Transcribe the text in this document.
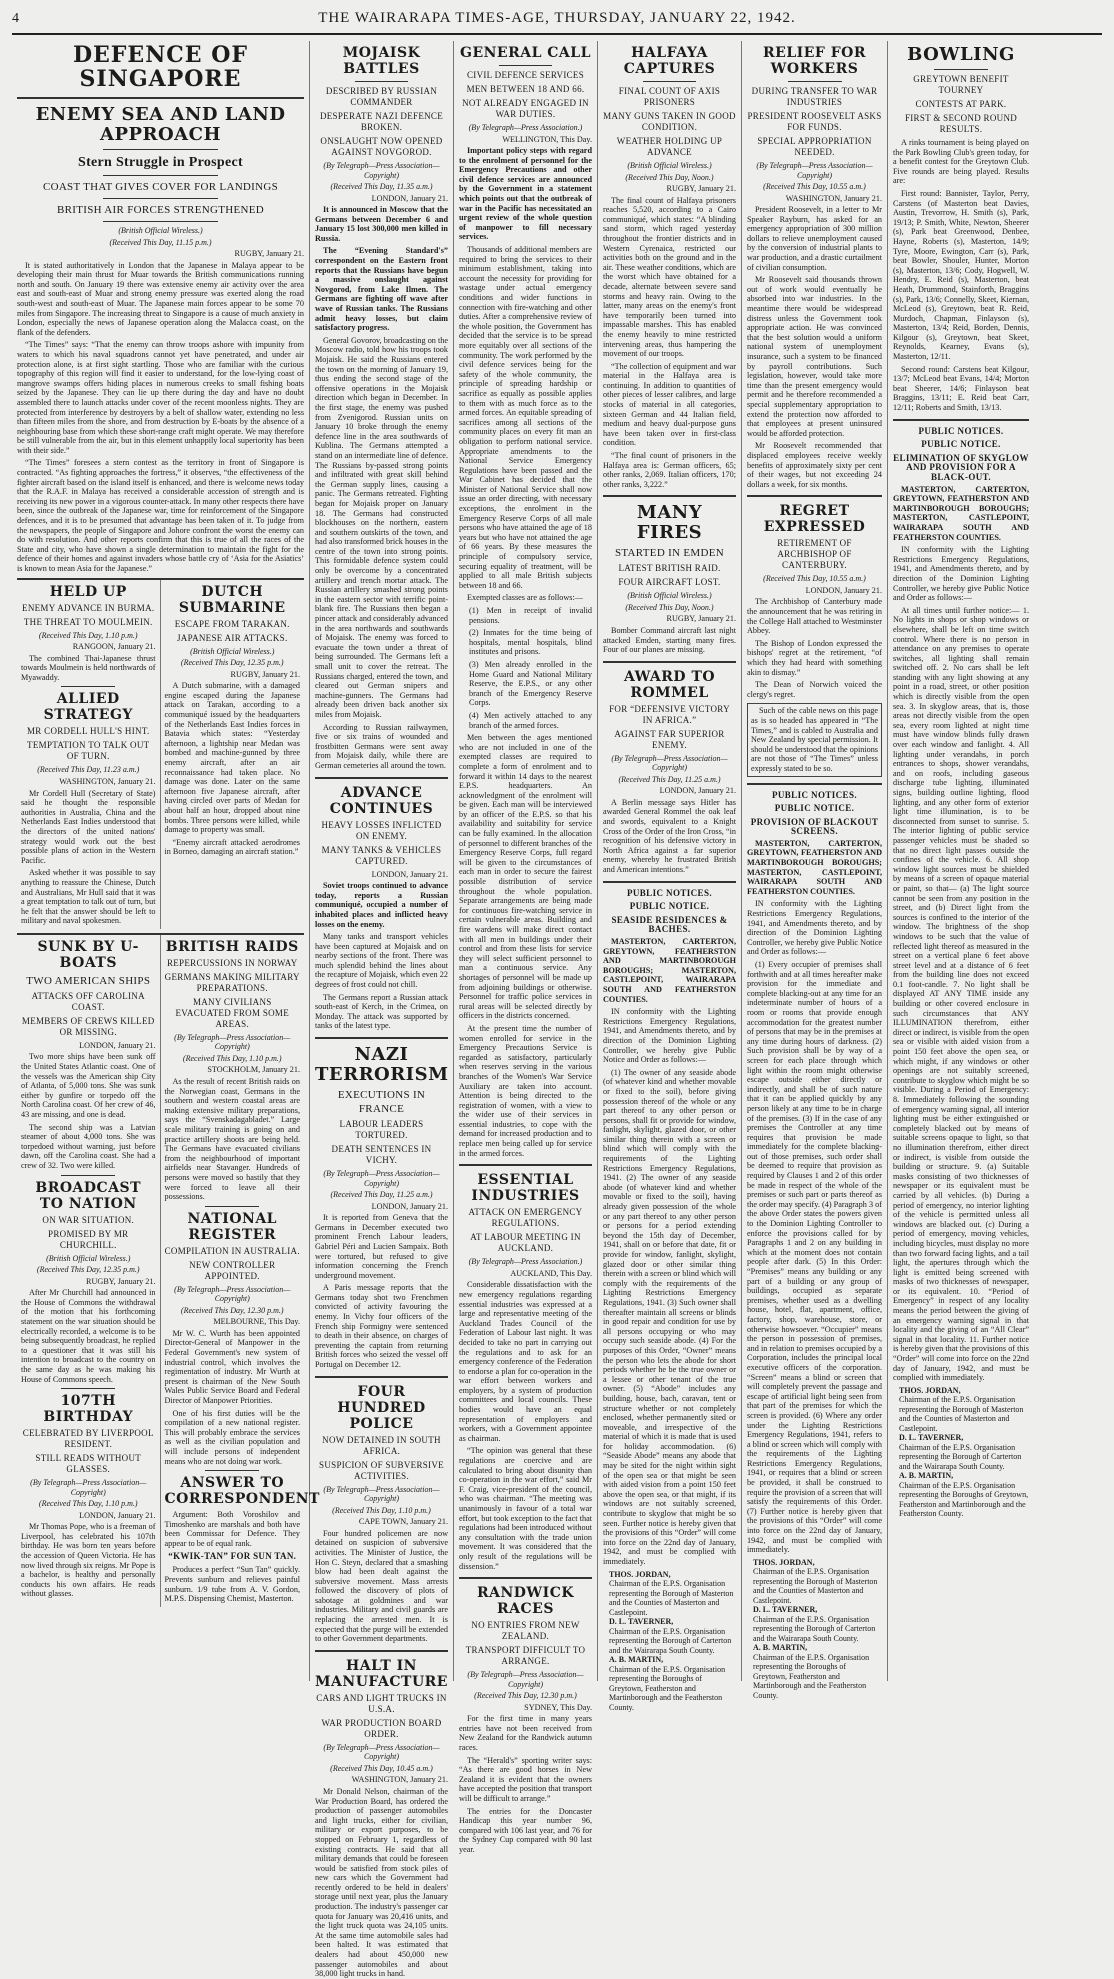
4	THE WAIRARAPA TIMES-AGE, THURSDAY, JANUARY 22, 1942.
DEFENCE OF SINGAPORE
ENEMY SEA AND LAND APPROACH
Stern Struggle in Prospect
COAST THAT GIVES COVER FOR LANDINGS
BRITISH AIR FORCES STRENGTHENED
(British Official Wireless.)
(Received This Day, 11.15 p.m.)
RUGBY, January 21.

It is stated authoritatively in London that the Japanese in Malaya appear to be developing their main thrust for Muar towards the British communications running north and south. On January 19 there was extensive enemy air activity over the area east and south-east of Muar and strong enemy pressure was exerted along the road south-west and south-east of Muar. The Japanese main forces appear to be some 70 miles from Singapore. The increasing threat to Singapore is a cause of much anxiety in London, especially the news of Japanese operation along the Malacca coast, on the flank of the defenders.

“The Times” says: “That the enemy can throw troops ashore with impunity from waters to which his naval squadrons cannot yet have penetrated, and under air protection alone, is at first sight startling. Those who are familiar with the curious topography of this region will find it easier to understand, for the low-lying coast of mangrove swamps offers hiding places in numerous creeks to small fishing boats seized by the Japanese. They can lie up there during the day and have no doubt assembled there to launch attacks under cover of the recent moonless nights. They are protected from interference by destroyers by a belt of shallow water, extending no less than fifteen miles from the shore, and from destruction by E-boats by the absence of a neighbouring base from which these short-range craft might operate. We may therefore be still vulnerable from the air, but in this element unhappily local superiority has been with their side.”

“The Times” foresees a stern contest as the territory in front of Singapore is contracted. “As fighting approaches the fortress,” it observes, “the effectiveness of the fighter aircraft based on the island itself is enhanced, and there is welcome news today that the R.A.F. in Malaya has received a considerable accession of strength and is receiving its new power in a vigorous counter-attack. In many other respects there have been, since the outbreak of the Japanese war, time for reinforcement of the Singapore defences, and it is to be presumed that advantage has been taken of it. To judge from the newspapers, the people of Singapore and Johore confront the worst the enemy can do with resolution. And other reports confirm that this is true of all the races of the State and city, who have shown a single determination to maintain the fight for the defence of their homes and against invaders whose battle cry of ‘Asia for the Asiatics’ is known to mean Asia for the Japanese.”

HELD UP
ENEMY ADVANCE IN BURMA.
THE THREAT TO MOULMEIN.
(Received This Day, 1.10 p.m.)
RANGOON, January 21.

The combined Thai-Japanese thrust towards Moulmein is held northwards of Myawaddy.

ALLIED STRATEGY
MR CORDELL HULL'S HINT.
TEMPTATION TO TALK OUT OF TURN.
(Received This Day, 11.23 a.m.)
WASHINGTON, January 21.

Mr Cordell Hull (Secretary of State) said he thought the responsible authorities in Australia, China and the Netherlands East Indies understood that the directors of the united nations' strategy would work out the best possible plans of action in the Western Pacific.

Asked whether it was possible to say anything to reassure the Chinese, Dutch and Australians, Mr Hull said that it was a great temptation to talk out of turn, but he felt that the answer should be left to military and naval spokesmen.

DUTCH SUBMARINE
ESCAPE FROM TARAKAN.
JAPANESE AIR ATTACKS.
(British Official Wireless.)
(Received This Day, 12.35 p.m.)
RUGBY, January 21.

A Dutch submarine, with a damaged engine escaped during the Japanese attack on Tarakan, according to a communiqué issued by the headquarters of the Netherlands East Indies forces in Batavia which states: “Yesterday afternoon, a lightship near Medan was bombed and machine-gunned by three enemy aircraft, after an air reconnaissance had taken place. No damage was done. Later on the same afternoon five Japanese aircraft, after having circled over parts of Medan for about half an hour, dropped about nine bombs. Three persons were killed, while damage to property was small.

“Enemy aircraft attacked aerodromes in Borneo, damaging an aircraft station.”

SUNK BY U-BOATS
TWO AMERICAN SHIPS
ATTACKS OFF CAROLINA COAST.
MEMBERS OF CREWS KILLED OR MISSING.
LONDON, January 21.

Two more ships have been sunk off the United States Atlantic coast. One of the vessels was the American ship City of Atlanta, of 5,000 tons. She was sunk either by gunfire or torpedo off the North Carolina coast. Of her crew of 46, 43 are missing, and one is dead.

The second ship was a Latvian steamer of about 4,000 tons. She was torpedoed without warning, just before dawn, off the Carolina coast. She had a crew of 32. Two were killed.

BROADCAST TO NATION
ON WAR SITUATION.
PROMISED BY MR CHURCHILL.
(British Official Wireless.)
(Received This Day, 12.35 p.m.)
RUGBY, January 21.

After Mr Churchill had announced in the House of Commons the withdrawal of the motion that his forthcoming statement on the war situation should be electrically recorded, a welcome is to be being subsequently broadcast, he replied to a questioner that it was still his intention to broadcast to the country on the same day as he was making his House of Commons speech.

107TH BIRTHDAY
CELEBRATED BY LIVERPOOL RESIDENT.
STILL READS WITHOUT GLASSES.
(By Telegraph—Press Association—Copyright)
(Received This Day, 1.10 p.m.)
LONDON, January 21.

Mr Thomas Pope, who is a freeman of Liverpool, has celebrated his 107th birthday. He was born ten years before the accession of Queen Victoria. He has now lived through six reigns. Mr Pope is a bachelor, is healthy and personally conducts his own affairs. He reads without glasses.

BRITISH RAIDS
REPERCUSSIONS IN NORWAY
GERMANS MAKING MILITARY PREPARATIONS.
MANY CIVILIANS EVACUATED FROM SOME AREAS.
(By Telegraph—Press Association—Copyright)
(Received This Day, 1.10 p.m.)
STOCKHOLM, January 21.

As the result of recent British raids on the Norwegian coast, Germans in the southern and western coastal areas are making extensive military preparations, says the “Svenskadagabladet.” Large scale military training is going on and practice artillery shoots are being held. The Germans have evacuated civilians from the neighbourhood of important airfields near Stavanger. Hundreds of persons were moved so hastily that they were forced to leave all their possessions.

NATIONAL REGISTER
COMPILATION IN AUSTRALIA.
NEW CONTROLLER APPOINTED.
(By Telegraph—Press Association—Copyright)
(Received This Day, 12.30 p.m.)
MELBOURNE, This Day.

Mr W. C. Wurth has been appointed Director-General of Manpower in the Federal Government's new system of industrial control, which involves the regimentation of industry. Mr Wurth at present is chairman of the New South Wales Public Service Board and Federal Director of Manpower Priorities.

One of his first duties will be the compilation of a new national register. This will probably embrace the services as well as the civilian population and will include persons of independent means who are not doing war work.

ANSWER TO CORRESPONDENT

Argument: Both Voroshilov and Timoshenko are marshals and both have been Commissar for Defence. They appear to be of equal rank.

“KWIK-TAN” FOR SUN TAN.

Produces a perfect “Sun Tan” quickly. Prevents sunburn and relieves painful sunburn. 1/9 tube from A. V. Gordon, M.P.S. Dispensing Chemist, Masterton.

MOJAISK BATTLES
DESCRIBED BY RUSSIAN COMMANDER
DESPERATE NAZI DEFENCE BROKEN.
ONSLAUGHT NOW OPENED AGAINST NOVGOROD.
(By Telegraph—Press Association—Copyright)
(Received This Day, 11.35 a.m.)
LONDON, January 21.

It is announced in Moscow that the Germans between December 6 and January 15 lost 300,000 men killed in Russia.

The “Evening Standard's” correspondent on the Eastern front reports that the Russians have begun a massive onslaught against Novgorod, from Lake Ilmen. The Germans are fighting off wave after wave of Russian tanks. The Russians admit heavy losses, but claim satisfactory progress.

General Govorov, broadcasting on the Moscow radio, told how his troops took Mojaisk. He said the Russians entered the town on the morning of January 19, thus ending the second stage of the offensive operations in the Mojaisk direction which began in December. In the first stage, the enemy was pushed from Zvenigorod. Russian units on January 10 broke through the enemy defence line in the area southwards of Kublina. The Germans attempted a stand on an intermediate line of defence. The Russians by-passed strong points and infiltrated with great skill behind the German supply lines, causing a panic. The Germans retreated. Fighting began for Mojaisk proper on January 18. The Germans had constructed blockhouses on the northern, eastern and southern outskirts of the town, and had also transformed brick houses in the centre of the town into strong points. This formidable defence system could only be overcome by a concentrated artillery and trench mortar attack. The Russian artillery smashed strong points in the eastern sector with terrific point-blank fire. The Russians then began a pincer attack and considerably advanced in the area northwards and southwards of Mojaisk. The enemy was forced to evacuate the town under a threat of being surrounded. The Germans left a small unit to cover the retreat. The Russians charged, entered the town, and cleared out German snipers and machine-gunners. The Germans had already been driven back another six miles from Mojaisk.

According to Russian railwaymen, five or six trains of wounded and frostbitten Germans were sent away from Mojaisk daily, while there are German cemeteries all around the town.

ADVANCE CONTINUES
HEAVY LOSSES INFLICTED ON ENEMY.
MANY TANKS & VEHICLES CAPTURED.
LONDON, January 21.

Soviet troops continued to advance today, reports a Russian communiqué, occupied a number of inhabited places and inflicted heavy losses on the enemy.

Many tanks and transport vehicles have been captured at Mojaisk and on nearby sections of the front. There was much splendid behind the lines about the recapture of Mojaisk, which even 22 degrees of frost could not chill.

The Germans report a Russian attack south-east of Kerch, in the Crimea, on Monday. The attack was supported by tanks of the latest type.

NAZI TERRORISM
EXECUTIONS IN FRANCE
LABOUR LEADERS TORTURED.
DEATH SENTENCES IN VICHY.
(By Telegraph—Press Association—Copyright)
(Received This Day, 11.25 a.m.)
LONDON, January 21.

It is reported from Geneva that the Germans in December executed two prominent French Labour leaders, Gabriel Péri and Lucien Sampaix. Both were tortured, but refused to give information concerning the French underground movement.

A Paris message reports that the Germans today shot two Frenchmen convicted of activity favouring the enemy. In Vichy four officers of the French ship Formigny were sentenced to death in their absence, on charges of preventing the captain from returning British forces who seized the vessel off Portugal on December 12.

FOUR HUNDRED POLICE
NOW DETAINED IN SOUTH AFRICA.
SUSPICION OF SUBVERSIVE ACTIVITIES.
(By Telegraph—Press Association—Copyright)
(Received This Day, 1.10 p.m.)
CAPE TOWN, January 21.

Four hundred policemen are now detained on suspicion of subversive activities. The Minister of Justice, the Hon C. Steyn, declared that a smashing blow had been dealt against the subversive movement. Mass arrests followed the discovery of plots of sabotage at goldmines and war industries. Military and civil guards are replacing the arrested men. It is expected that the purge will be extended to other Government departments.

HALT IN MANUFACTURE
CARS AND LIGHT TRUCKS IN U.S.A.
WAR PRODUCTION BOARD ORDER.
(By Telegraph—Press Association—Copyright)
(Received This Day, 10.45 a.m.)
WASHINGTON, January 21.

Mr Donald Nelson, chairman of the War Production Board, has ordered the production of passenger automobiles and light trucks, either for civilian, military or export purposes, to be stopped on February 1, regardless of existing contracts. He said that all military demands that could be foreseen would be satisfied from stock piles of new cars which the Government had recently ordered to be held in dealers' storage until next year, plus the January production. The industry's passenger car quota for January was 20,416 units, and the light truck quota was 24,105 units. At the same time automobile sales had been halted. It was estimated that dealers had about 450,000 new passenger automobiles and about 38,000 light trucks in hand.

GENERAL CALL
CIVIL DEFENCE SERVICES
MEN BETWEEN 18 AND 66.
NOT ALREADY ENGAGED IN WAR DUTIES.
(By Telegraph—Press Association.)
WELLINGTON, This Day.

Important policy steps with regard to the enrolment of personnel for the Emergency Precautions and other civil defence services are announced by the Government in a statement which points out that the outbreak of war in the Pacific has necessitated an urgent review of the whole question of manpower to fill necessary services.

Thousands of additional members are required to bring the services to their minimum establishment, taking into account the necessity for providing for wastage under actual emergency conditions and wider functions in connection with fire-watching and other duties. After a comprehensive review of the whole position, the Government has decided that the service is to be spread more equitably over all sections of the community. The work performed by the civil defence services being for the safety of the whole community, the principle of spreading hardship or sacrifice as equally as possible applies to them with as much force as to the armed forces. An equitable spreading of sacrifices among all sections of the community places on every fit man an obligation to perform national service. Appropriate amendments to the National Service Emergency Regulations have been passed and the War Cabinet has decided that the Minister of National Service shall now issue an order directing, with necessary exceptions, the enrolment in the Emergency Reserve Corps of all male persons who have attained the age of 18 years but who have not attained the age of 66 years. By these measures the principle of compulsory service, securing equality of treatment, will be applied to all male British subjects between 18 and 66.

Exempted classes are as follows:—

(1) Men in receipt of invalid pensions.

(2) Inmates for the time being of hospitals, mental hospitals, blind institutes and prisons.

(3) Men already enrolled in the Home Guard and National Military Reserve, the E.P.S., or any other branch of the Emergency Reserve Corps.

(4) Men actively attached to any branch of the armed forces.

Men between the ages mentioned who are not included in one of the exempted classes are required to complete a form of enrolment and to forward it within 14 days to the nearest E.P.S. headquarters. An acknowledgment of the enrolment will be given. Each man will be interviewed by an officer of the E.P.S. so that his availability and suitability for service can be fully examined. In the allocation of personnel to different branches of the Emergency Reserve Corps, full regard will be given to the circumstances of each man in order to secure the fairest possible distribution of service throughout the whole population. Separate arrangements are being made for continuous fire-watching service in certain vulnerable areas. Building and fire wardens will make direct contact with all men in buildings under their control and from these lists for service they will select sufficient personnel to man a continuous service. Any shortages of personnel will be made up from adjoining buildings or otherwise. Personnel for traffic police services in rural areas will be selected directly by officers in the districts concerned.

At the present time the number of women enrolled for service in the Emergency Precautions Service is regarded as satisfactory, particularly when reserves serving in the various branches of the Women's War Service Auxiliary are taken into account. Attention is being directed to the registration of women, with a view to the wider use of their services in essential industries, to cope with the demand for increased production and to replace men being called up for service in the armed forces.

ESSENTIAL INDUSTRIES
ATTACK ON EMERGENCY REGULATIONS.
AT LABOUR MEETING IN AUCKLAND.
(By Telegraph—Press Association.)
AUCKLAND, This Day.

Considerable dissatisfaction with the new emergency regulations regarding essential industries was expressed at a large and representative meeting of the Auckland Trades Council of the Federation of Labour last night. It was decided to take no part in carrying out the regulations and to ask for an emergency conference of the Federation to endorse a plan for co-operation in the war effort between workers and employers, by a system of production committees and local councils. These bodies would have an equal representation of employers and workers, with a Government appointee as chairman.

“The opinion was general that these regulations are coercive and are calculated to bring about disunity than co-operation in the war effort,” said Mr F. Craig, vice-president of the council, who was chairman. “The meeting was unanimously in favour of a total war effort, but took exception to the fact that regulations had been introduced without any consultation with the trade union movement. It was considered that the only result of the regulations will be dissension.”

RANDWICK RACES
NO ENTRIES FROM NEW ZEALAND.
TRANSPORT DIFFICULT TO ARRANGE.
(By Telegraph—Press Association—Copyright)
(Received This Day, 12.30 p.m.)
SYDNEY, This Day.

For the first time in many years entries have not been received from New Zealand for the Randwick autumn races.

The “Herald's” sporting writer says: “As there are good horses in New Zealand it is evident that the owners have accepted the position that transport will be difficult to arrange.”

The entries for the Doncaster Handicap this year number 96, compared with 106 last year, and 76 for the Sydney Cup compared with 90 last year.

HALFAYA CAPTURES
FINAL COUNT OF AXIS PRISONERS
MANY GUNS TAKEN IN GOOD CONDITION.
WEATHER HOLDING UP ADVANCE
(British Official Wireless.)
(Received This Day, Noon.)
RUGBY, January 21.

The final count of Halfaya prisoners reaches 5,520, according to a Cairo communiqué, which states: “A blinding sand storm, which raged yesterday throughout the frontier districts and in Western Cyrenaica, restricted our activities both on the ground and in the air. These weather conditions, which are the worst which have obtained for a decade, alternate between severe sand storms and heavy rain. Owing to the latter, many areas on the enemy's front have temporarily been turned into impassable marshes. This has enabled the enemy heavily to mine restricted intervening areas, thus hampering the movement of our troops.

“The collection of equipment and war material in the Halfaya area is continuing. In addition to quantities of other pieces of lesser calibres, and large stocks of material in all categories, sixteen German and 44 Italian field, medium and heavy dual-purpose guns have been taken over in first-class condition.

“The final count of prisoners in the Halfaya area is: German officers, 65; other ranks, 2,069. Italian officers, 170; other ranks, 3,222.”

MANY FIRES
STARTED IN EMDEN
LATEST BRITISH RAID.
FOUR AIRCRAFT LOST.
(British Official Wireless.)
(Received This Day, Noon.)
RUGBY, January 21.

Bomber Command aircraft last night attacked Emden, starting many fires. Four of our planes are missing.

AWARD TO ROMMEL
FOR “DEFENSIVE VICTORY IN AFRICA.”
AGAINST FAR SUPERIOR ENEMY.
(By Telegraph—Press Association—Copyright)
(Received This Day, 11.25 a.m.)
LONDON, January 21.

A Berlin message says Hitler has awarded General Rommel the oak leaf and swords, equivalent to a Knight Cross of the Order of the Iron Cross, “in recognition of his defensive victory in North Africa against a far superior enemy, whereby he frustrated British and American intentions.”

PUBLIC NOTICES.
PUBLIC NOTICE.
SEASIDE RESIDENCES & BACHES.

MASTERTON, CARTERTON, GREYTOWN, FEATHERSTON AND MARTINBOROUGH BOROUGHS; MASTERTON, CASTLEPOINT, WAIRARAPA SOUTH AND FEATHERSTON COUNTIES.

IN conformity with the Lighting Restrictions Emergency Regulations, 1941, and Amendments thereto, and by direction of the Dominion Lighting Controller, we hereby give Public Notice and Order as follows:—

(1) The owner of any seaside abode (of whatever kind and whether movable or fixed to the soil), before giving possession thereof of the whole or any part thereof to any other person or persons, shall fit or provide for window, fanlight, skylight, glazed door, or other similar thing therein with a screen or blind which will comply with the requirements of the Lighting Restrictions Emergency Regulations, 1941. (2) The owner of any seaside abode (of whatever kind and whether movable or fixed to the soil), having already given possession of the whole or any part thereof to any other person or persons for a period extending beyond the 15th day of December, 1941, shall on or before that date, fit or provide for window, fanlight, skylight, glazed door or other similar thing therein with a screen or blind which will comply with the requirements of the Lighting Restrictions Emergency Regulations, 1941. (3) Such owner shall thereafter maintain all screens or blinds in good repair and condition for use by all persons occupying or who may occupy such seaside abode. (4) For the purposes of this Order, “Owner” means the person who lets the abode for short periods whether he be the true owner or a lessee or other tenant of the true owner. (5) “Abode” includes any building, house, bach, caravan, tent or structure whether or not completely enclosed, whether permanently sited or moveable, and irrespective of the material of which it is made that is used for holiday accommodation. (6) “Seaside Abode” means any abode that may be sited for the night within sight of the open sea or that might be seen with aided vision from a point 150 feet above the open sea, or that might, if its windows are not suitably screened, contribute to skyglow that might be so seen. Further notice is hereby given that the provisions of this “Order” will come into force on the 22nd day of January, 1942, and must be complied with immediately.

THOS. JORDAN,
Chairman of the E.P.S. Organisation representing the Borough of Masterton and the Counties of Masterton and Castlepoint.
D. L. TAVERNER,
Chairman of the E.P.S. Organisation representing the Borough of Carterton and the Wairarapa South County.
A. B. MARTIN,
Chairman of the E.P.S. Organisation representing the Boroughs of Greytown, Featherston and Martinborough and the Featherston County.
RELIEF FOR WORKERS
DURING TRANSFER TO WAR INDUSTRIES
PRESIDENT ROOSEVELT ASKS FOR FUNDS.
SPECIAL APPROPRIATION NEEDED.
(By Telegraph—Press Association—Copyright)
(Received This Day, 10.55 a.m.)
WASHINGTON, January 21.

President Roosevelt, in a letter to Mr Speaker Rayburn, has asked for an emergency appropriation of 300 million dollars to relieve unemployment caused by the conversion of industrial plants to war production, and a drastic curtailment of civilian consumption.

Mr Roosevelt said thousands thrown out of work would eventually be absorbed into war industries. In the meantime there would be widespread distress unless the Government took appropriate action. He was convinced that the best solution would a uniform national system of unemployment insurance, such a system to be financed by payroll contributions. Such legislation, however, would take more time than the present emergency would permit and he therefore recommended a special supplementary appropriation to extend the protection now afforded to that employees at present uninsured would be afforded protection.

Mr Roosevelt recommended that displaced employees receive weekly benefits of approximately sixty per cent of their wages, but not exceeding 24 dollars a week, for six months.

REGRET EXPRESSED
RETIREMENT OF ARCHBISHOP OF CANTERBURY.
(Received This Day, 10.55 a.m.)
LONDON, January 21.

The Archbishop of Canterbury made the announcement that he was retiring in the College Hall attached to Westminster Abbey.

The Bishop of London expressed the bishops' regret at the retirement, “of which they had heard with something akin to dismay.”

The Dean of Norwich voiced the clergy's regret.

Such of the cable news on this page as is so headed has appeared in “The Times,” and is cabled to Australia and New Zealand by special permission. It should be understood that the opinions are not those of “The Times” unless expressly stated to be so.

PUBLIC NOTICES.
PUBLIC NOTICE.
PROVISION OF BLACKOUT SCREENS.

MASTERTON, CARTERTON, GREYTOWN, FEATHERSTON AND MARTINBOROUGH BOROUGHS; MASTERTON, CASTLEPOINT, WAIRARAPA SOUTH AND FEATHERSTON COUNTIES.

IN conformity with the Lighting Restrictions Emergency Regulations, 1941, and Amendments thereto, and by direction of the Dominion Lighting Controller, we hereby give Public Notice and Order as follows:—

(1) Every occupier of premises shall forthwith and at all times hereafter make provision for the immediate and complete blacking-out at any time for an indeterminate number of hours of a room or rooms that provide enough accommodation for the greatest number of persons that may be in the premises at any time during hours of darkness. (2) Such provision shall be by way of a screen for each place through which light within the room might otherwise escape outside either directly or indirectly, and shall be of such nature that it can be applied quickly by any person likely at any time to be in charge of the premises. (3) If in the case of any premises the Controller at any time requires that provision be made immediately for the complete blacking-out of those premises, such order shall be deemed to require that provision as required by Clauses 1 and 2 of this order be made in respect of the whole of the premises or such part or parts thereof as the order may specify. (4) Paragraph 3 of the above Order states the powers given to the Dominion Lighting Controller to enforce the provisions called for by Paragraphs 1 and 2 on any building in which at the moment does not contain people after dark. (5) In this Order: “Premises” means any building or any part of a building or any group of buildings, occupied as separate premises, whether used as a dwelling house, hotel, flat, apartment, office, factory, shop, warehouse, store, or otherwise howsoever. “Occupier” means the person in possession of premises, and in relation to premises occupied by a Corporation, includes the principal local executive officers of the corporation. “Screen” means a blind or screen that will completely prevent the passage and escape of artificial light being seen from that part of the premises for which the screen is provided. (6) Where any order under the Lighting Restrictions Emergency Regulations, 1941, refers to a blind or screen which will comply with the requirements of the Lighting Restrictions Emergency Regulations, 1941, or requires that a blind or screen be provided, it shall be construed to require the provision of a screen that will satisfy the requirements of this Order. (7) Further notice is hereby given that the provisions of this “Order” will come into force on the 22nd day of January, 1942, and must be complied with immediately.

THOS. JORDAN,
Chairman of the E.P.S. Organisation representing the Borough of Masterton and the Counties of Masterton and Castlepoint.
D. L. TAVERNER,
Chairman of the E.P.S. Organisation representing the Borough of Carterton and the Wairarapa South County.
A. B. MARTIN,
Chairman of the E.P.S. Organisation representing the Boroughs of Greytown, Featherston and Martinborough and the Featherston County.
BOWLING
GREYTOWN BENEFIT TOURNEY
CONTESTS AT PARK.
FIRST & SECOND ROUND RESULTS.

A rinks tournament is being played on the Park Bowling Club's green today, for a benefit contest for the Greytown Club. Five rounds are being played. Results are:

First round: Bannister, Taylor, Perry, Carstens (of Masterton beat Davies, Austin, Trevorrow, H. Smith (s), Park, 19/13; P. Smith, White, Newton, Sheerer (s), Park beat Greenwood, Denbee, Hayne, Roberts (s), Masterton, 14/9; Tyre, Moore, Ewington, Carr (s), Park, beat Bowler, Shouler, Hunter, Morton (s), Masterton, 13/6; Cody, Hogwell, W. Hendry, E. Reid (s), Masterton, beat Heath, Drummond, Stainforth, Braggins (s), Park, 13/6; Connelly, Skeet, Kiernan, McLeod (s), Greytown, beat R. Reid, Murdoch, Chapman, Finlayson (s), Masterton, 13/4; Reid, Borden, Dennis, Kilgour (s), Greytown, beat Skeet, Reynolds, Kearney, Evans (s), Masterton, 12/11.

Second round: Carstens beat Kilgour, 13/7; McLeod beat Evans, 14/4; Morton beat Sheerer, 14/6; Finlayson beat Braggins, 13/11; E. Reid beat Carr, 12/11; Roberts and Smith, 13/13.

PUBLIC NOTICES.
PUBLIC NOTICE.
ELIMINATION OF SKYGLOW AND PROVISION FOR A BLACK-OUT.

MASTERTON, CARTERTON, GREYTOWN, FEATHERSTON AND MARTINBOROUGH BOROUGHS; MASTERTON, CASTLEPOINT, WAIRARAPA SOUTH AND FEATHERSTON COUNTIES.

IN conformity with the Lighting Restrictions Emergency Regulations, 1941, and Amendments thereto, and by direction of the Dominion Lighting Controller, we hereby give Public Notice and Order as follows:—

At all times until further notice:— 1. No lights in shops or shop windows or elsewhere, shall be left on time switch control. Where there is no person in attendance on any premises to operate switches, all lighting shall remain switched off. 2. No cars shall be left standing with any light showing at any point in a road, street, or other position which is directly visible from the open sea. 3. In skyglow areas, that is, those areas not directly visible from the open sea, every room lighted at night time must have window blinds fully drawn over each window and fanlight. 4. All lighting under verandahs, in porch entrances to shops, shower verandahs, and on roofs, including gaseous discharge tube lighting, illuminated signs, building outline lighting, flood lighting, and any other form of exterior light time illumination, is to be disconnected from sunset to sunrise. 5. The interior lighting of public service passenger vehicles must be shaded so that no direct light passes outside the confines of the vehicle. 6. All shop window light sources must be shielded by means of a screen of opaque material or paint, so that— (a) The light source cannot be seen from any position in the street, and (b) Direct light from the sources is confined to the interior of the window. The brightness of the shop windows to be such that the value of reflected light thereof as measured in the street on a vertical plane 6 feet above street level and at a distance of 6 feet from the building line does not exceed 0.1 foot-candle. 7. No light shall be displayed AT ANY TIME inside any building or other covered enclosure in such circumstances that ANY ILLUMINATION therefrom, either direct or indirect, is visible from the open sea or visible with aided vision from a point 150 feet above the open sea, or which might, if any windows or other openings are not suitably screened, contribute to skyglow which might be so visible. During a Period of Emergency: 8. Immediately following the sounding of emergency warning signal, all interior lighting must be either extinguished or completely blacked out by means of suitable screens opaque to light, so that no illumination therefrom, either direct or indirect, is visible from outside the building or structure. 9. (a) Suitable masks consisting of two thicknesses of newspaper or its equivalent must be carried by all vehicles. (b) During a period of emergency, no interior lighting of the vehicle is permitted unless all windows are blacked out. (c) During a period of emergency, moving vehicles, including bicycles, must display no more than two forward facing lights, and a tail light, the apertures through which the light is emitted being screened with masks of two thicknesses of newspaper, or its equivalent. 10. “Period of Emergency” in respect of any locality means the period between the giving of an emergency warning signal in that locality and the giving of an “All Clear” signal in that locality. 11. Further notice is hereby given that the provisions of this “Order” will come into force on the 22nd day of January, 1942, and must be complied with immediately.

THOS. JORDAN,
Chairman of the E.P.S. Organisation representing the Borough of Masterton and the Counties of Masterton and Castlepoint.
D. L. TAVERNER,
Chairman of the E.P.S. Organisation representing the Borough of Carterton and the Wairarapa South County.
A. B. MARTIN,
Chairman of the E.P.S. Organisation representing the Boroughs of Greytown, Featherston and Martinborough and the Featherston County.
